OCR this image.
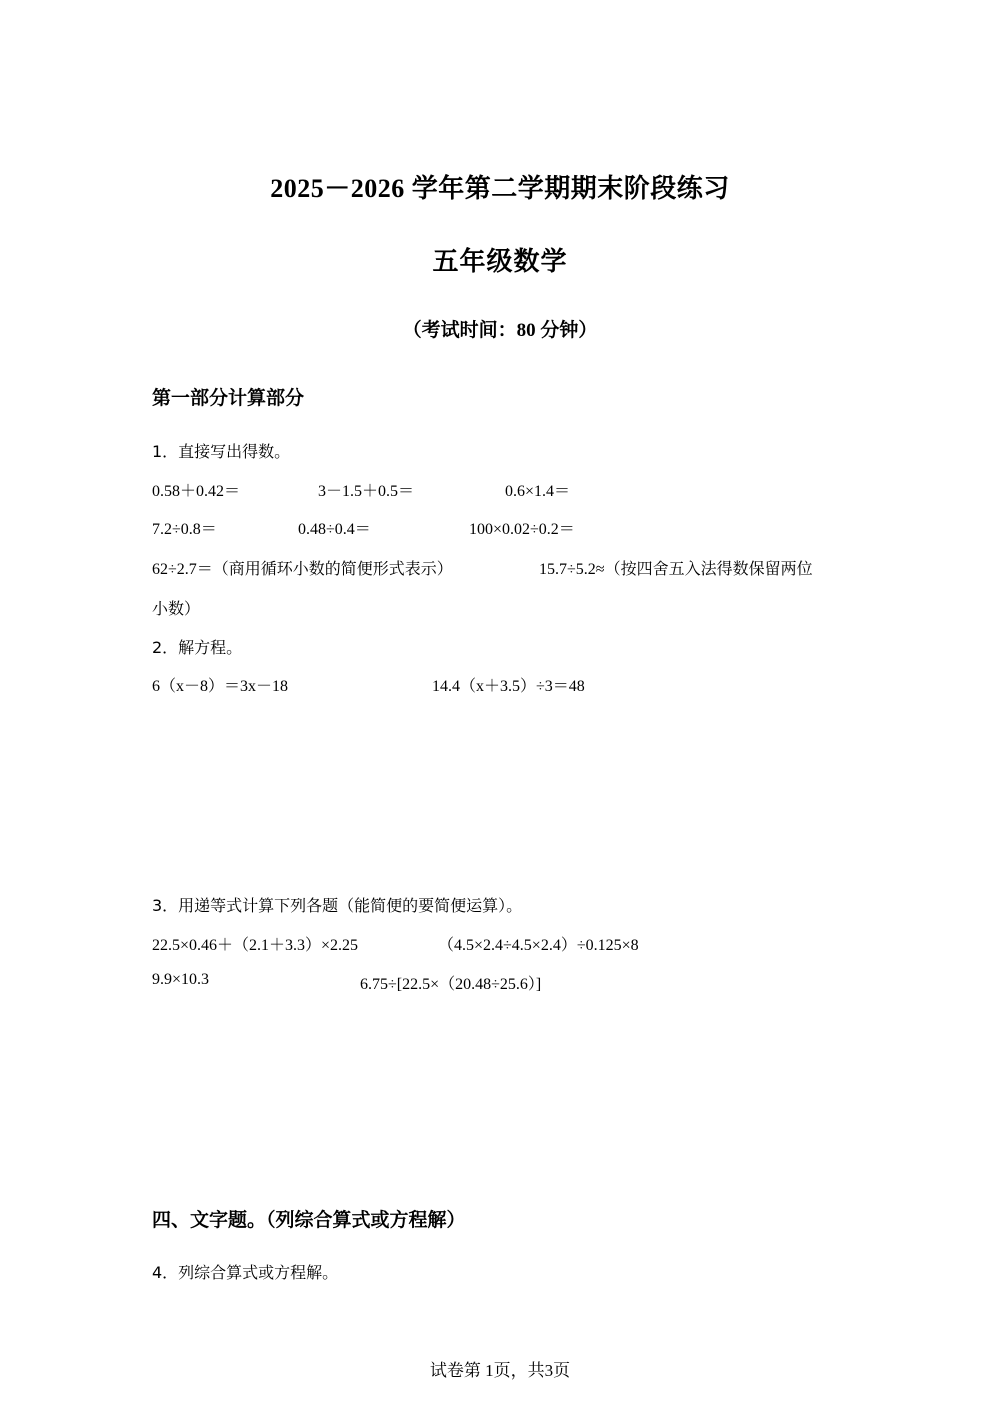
2025－2026 学年第二学期期末阶段练习
五年级数学
（考试时间：80 分钟）
第一部分计算部分
1．直接写出得数。
0.58＋0.42＝	3－1.5＋0.5＝	0.6×1.4＝
7.2÷0.8＝	0.48÷0.4＝	100×0.02÷0.2＝
62÷2.7＝（商用循环小数的简便形式表示）	15.7÷5.2≈（按四舍五入法得数保留两位
小数）
2．解方程。
6（x－8）＝3x－18	14.4（x＋3.5）÷3＝48
3．用递等式计算下列各题（能简便的要简便运算）。
22.5×0.46＋（2.1＋3.3）×2.25	（4.5×2.4÷4.5×2.4）÷0.125×8
9.9×10.3	6.75÷[22.5×（20.48÷25.6）]
四、文字题。（列综合算式或方程解）
4．列综合算式或方程解。
试卷第 1页，共3页
